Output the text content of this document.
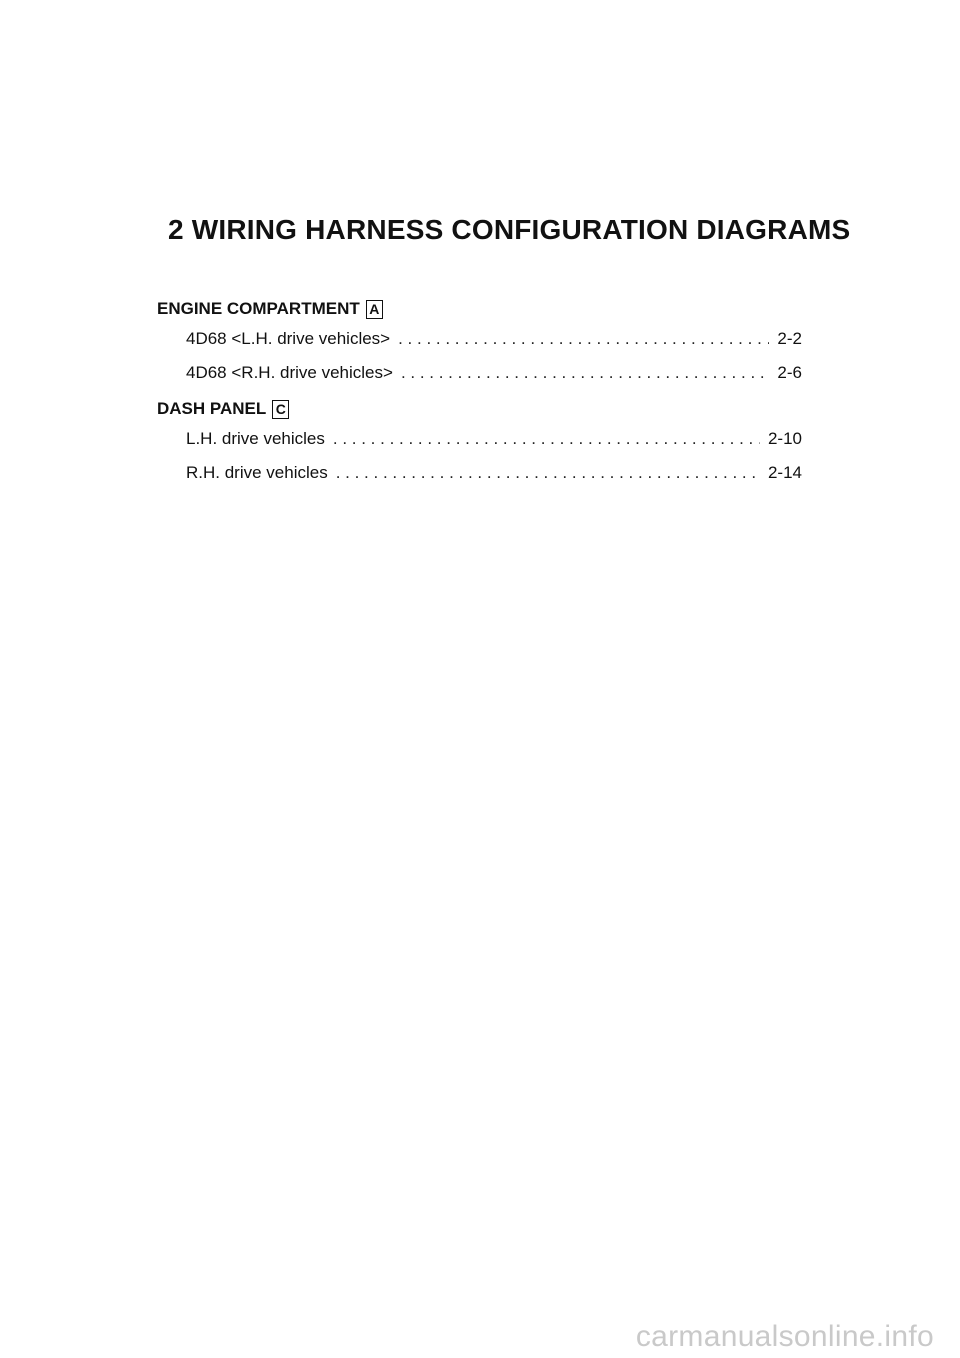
2 WIRING HARNESS CONFIGURATION DIAGRAMS
ENGINE COMPARTMENT A
4D68 <L.H. drive vehicles> . . .	2-2
4D68 <R.H. drive vehicles> . . .	2-6
DASH PANEL C
L.H. drive vehicles . . .	2-10
R.H. drive vehicles . . .	2-14
carmanualsonline.info
